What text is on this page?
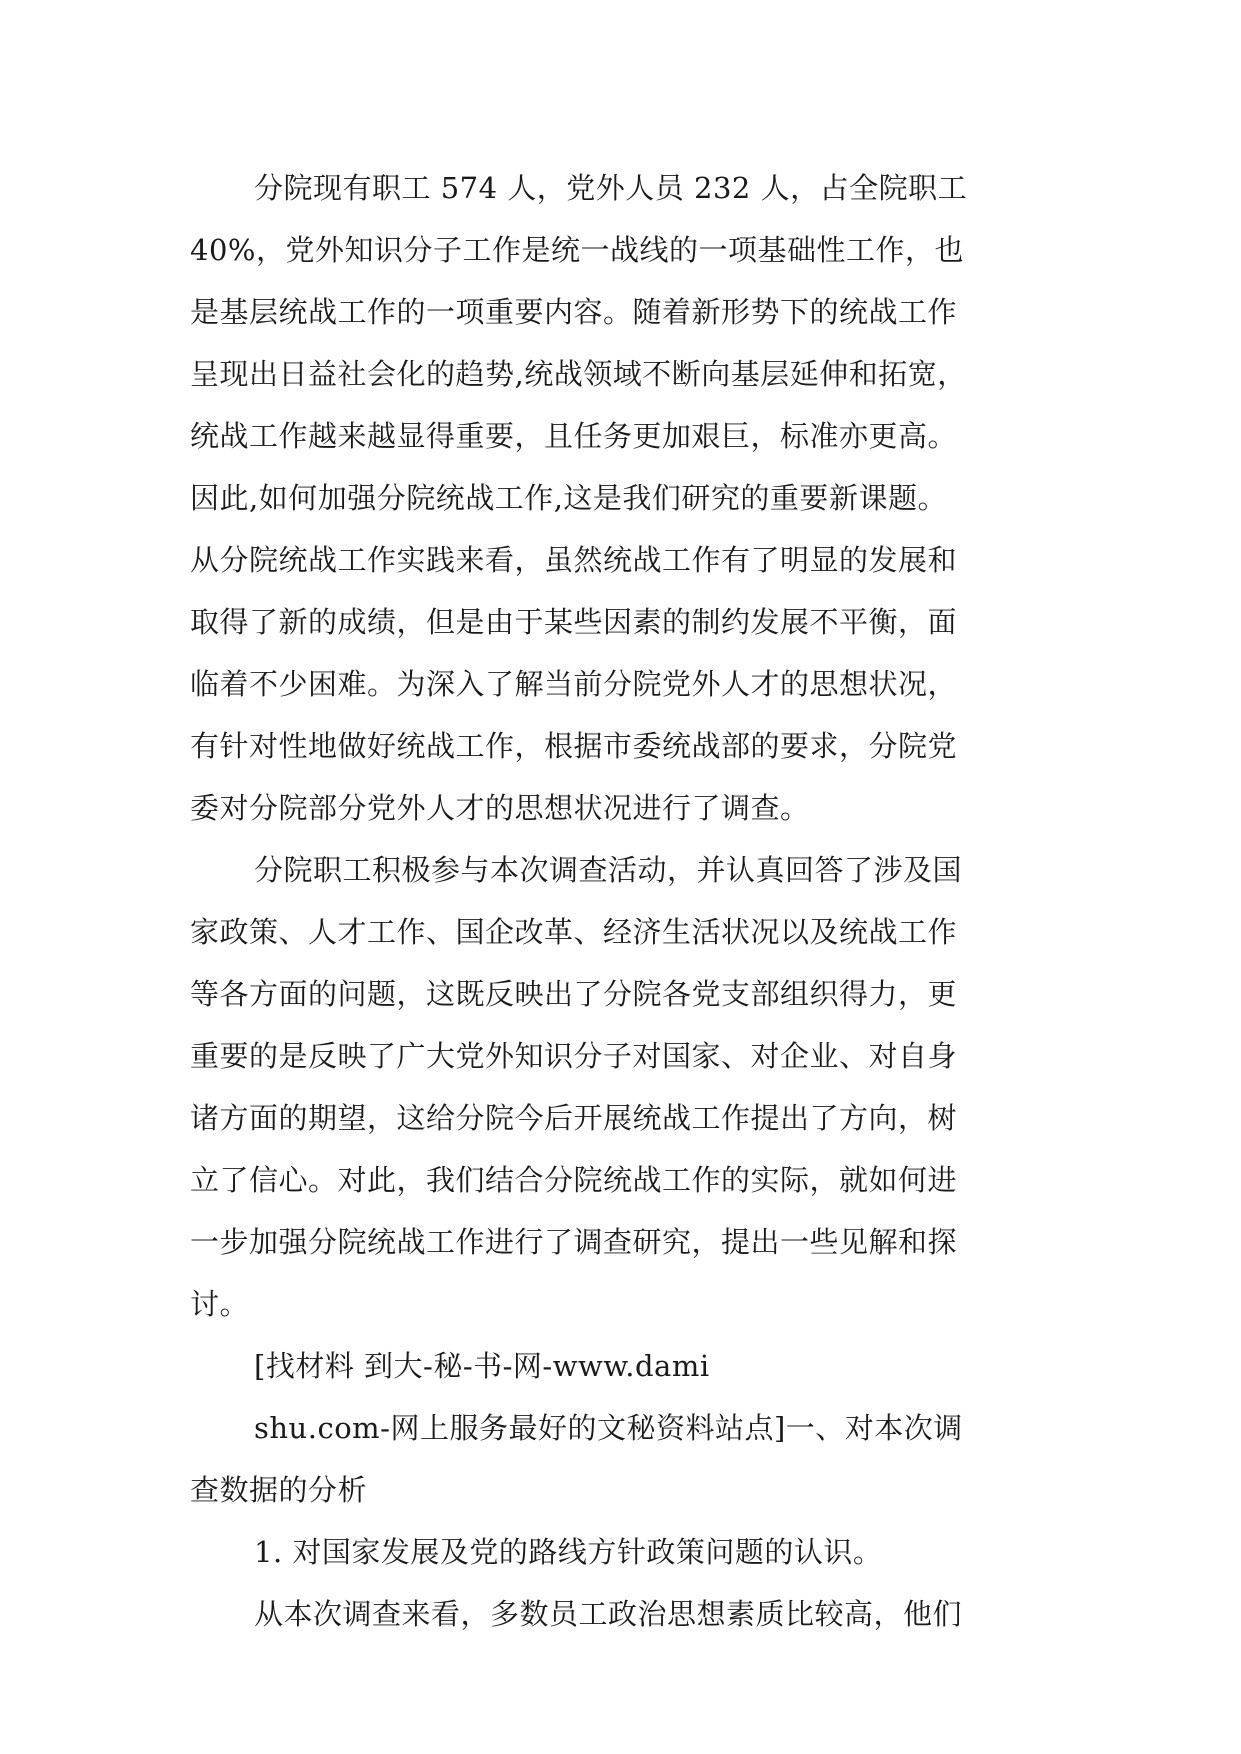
分院现有职工 574 人，党外人员 232 人，占全院职工
40%，党外知识分子工作是统一战线的一项基础性工作，也
是基层统战工作的一项重要内容。随着新形势下的统战工作
呈现出日益社会化的趋势,统战领域不断向基层延伸和拓宽，
统战工作越来越显得重要，且任务更加艰巨，标准亦更高。
因此,如何加强分院统战工作,这是我们研究的重要新课题。
从分院统战工作实践来看，虽然统战工作有了明显的发展和
取得了新的成绩，但是由于某些因素的制约发展不平衡，面
临着不少困难。为深入了解当前分院党外人才的思想状况，
有针对性地做好统战工作，根据市委统战部的要求，分院党
委对分院部分党外人才的思想状况进行了调查。
分院职工积极参与本次调查活动，并认真回答了涉及国
家政策、人才工作、国企改革、经济生活状况以及统战工作
等各方面的问题，这既反映出了分院各党支部组织得力，更
重要的是反映了广大党外知识分子对国家、对企业、对自身
诸方面的期望，这给分院今后开展统战工作提出了方向，树
立了信心。对此，我们结合分院统战工作的实际，就如何进
一步加强分院统战工作进行了调查研究，提出一些见解和探
讨。
[找材料 到大-秘-书-网-www.dami
shu.com-网上服务最好的文秘资料站点]一、对本次调
查数据的分析
1. 对国家发展及党的路线方针政策问题的认识。
从本次调查来看，多数员工政治思想素质比较高，他们
